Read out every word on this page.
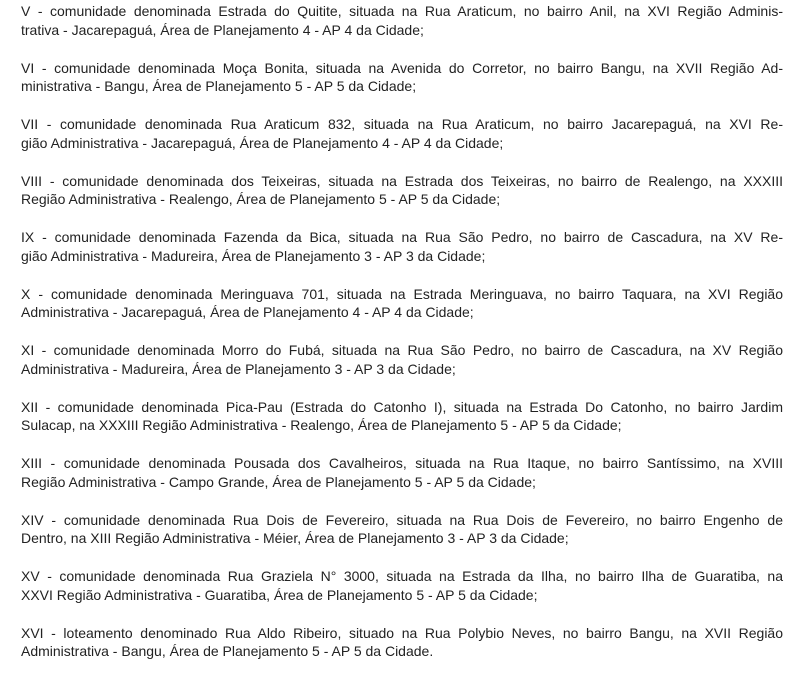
V - comunidade denominada Estrada do Quitite, situada na Rua Araticum, no bairro Anil, na XVI Região Adminis-
trativa - Jacarepaguá, Área de Planejamento 4 - AP 4 da Cidade;

VI - comunidade denominada Moça Bonita, situada na Avenida do Corretor, no bairro Bangu, na XVII Região Ad-
ministrativa - Bangu, Área de Planejamento 5 - AP 5 da Cidade;

VII - comunidade denominada Rua Araticum 832, situada na Rua Araticum, no bairro Jacarepaguá, na XVI Re-
gião Administrativa - Jacarepaguá, Área de Planejamento 4 - AP 4 da Cidade;

VIII - comunidade denominada dos Teixeiras, situada na Estrada dos Teixeiras, no bairro de Realengo, na XXXIII
Região Administrativa - Realengo, Área de Planejamento 5 - AP 5 da Cidade;

IX - comunidade denominada Fazenda da Bica, situada na Rua São Pedro, no bairro de Cascadura, na XV Re-
gião Administrativa - Madureira, Área de Planejamento 3 - AP 3 da Cidade;

X - comunidade denominada Meringuava 701, situada na Estrada Meringuava, no bairro Taquara, na XVI Região
Administrativa - Jacarepaguá, Área de Planejamento 4 - AP 4 da Cidade;

XI - comunidade denominada Morro do Fubá, situada na Rua São Pedro, no bairro de Cascadura, na XV Região
Administrativa - Madureira, Área de Planejamento 3 - AP 3 da Cidade;

XII - comunidade denominada Pica-Pau (Estrada do Catonho I), situada na Estrada Do Catonho, no bairro Jardim
Sulacap, na XXXIII Região Administrativa - Realengo, Área de Planejamento 5 - AP 5 da Cidade;

XIII - comunidade denominada Pousada dos Cavalheiros, situada na Rua Itaque, no bairro Santíssimo, na XVIII
Região Administrativa - Campo Grande, Área de Planejamento 5 - AP 5 da Cidade;

XIV - comunidade denominada Rua Dois de Fevereiro, situada na Rua Dois de Fevereiro, no bairro Engenho de
Dentro, na XIII Região Administrativa - Méier, Área de Planejamento 3 - AP 3 da Cidade;

XV - comunidade denominada Rua Graziela N° 3000, situada na Estrada da Ilha, no bairro Ilha de Guaratiba, na
XXVI Região Administrativa - Guaratiba, Área de Planejamento 5 - AP 5 da Cidade;

XVI - loteamento denominado Rua Aldo Ribeiro, situado na Rua Polybio Neves, no bairro Bangu, na XVII Região
Administrativa - Bangu, Área de Planejamento 5 - AP 5 da Cidade.
